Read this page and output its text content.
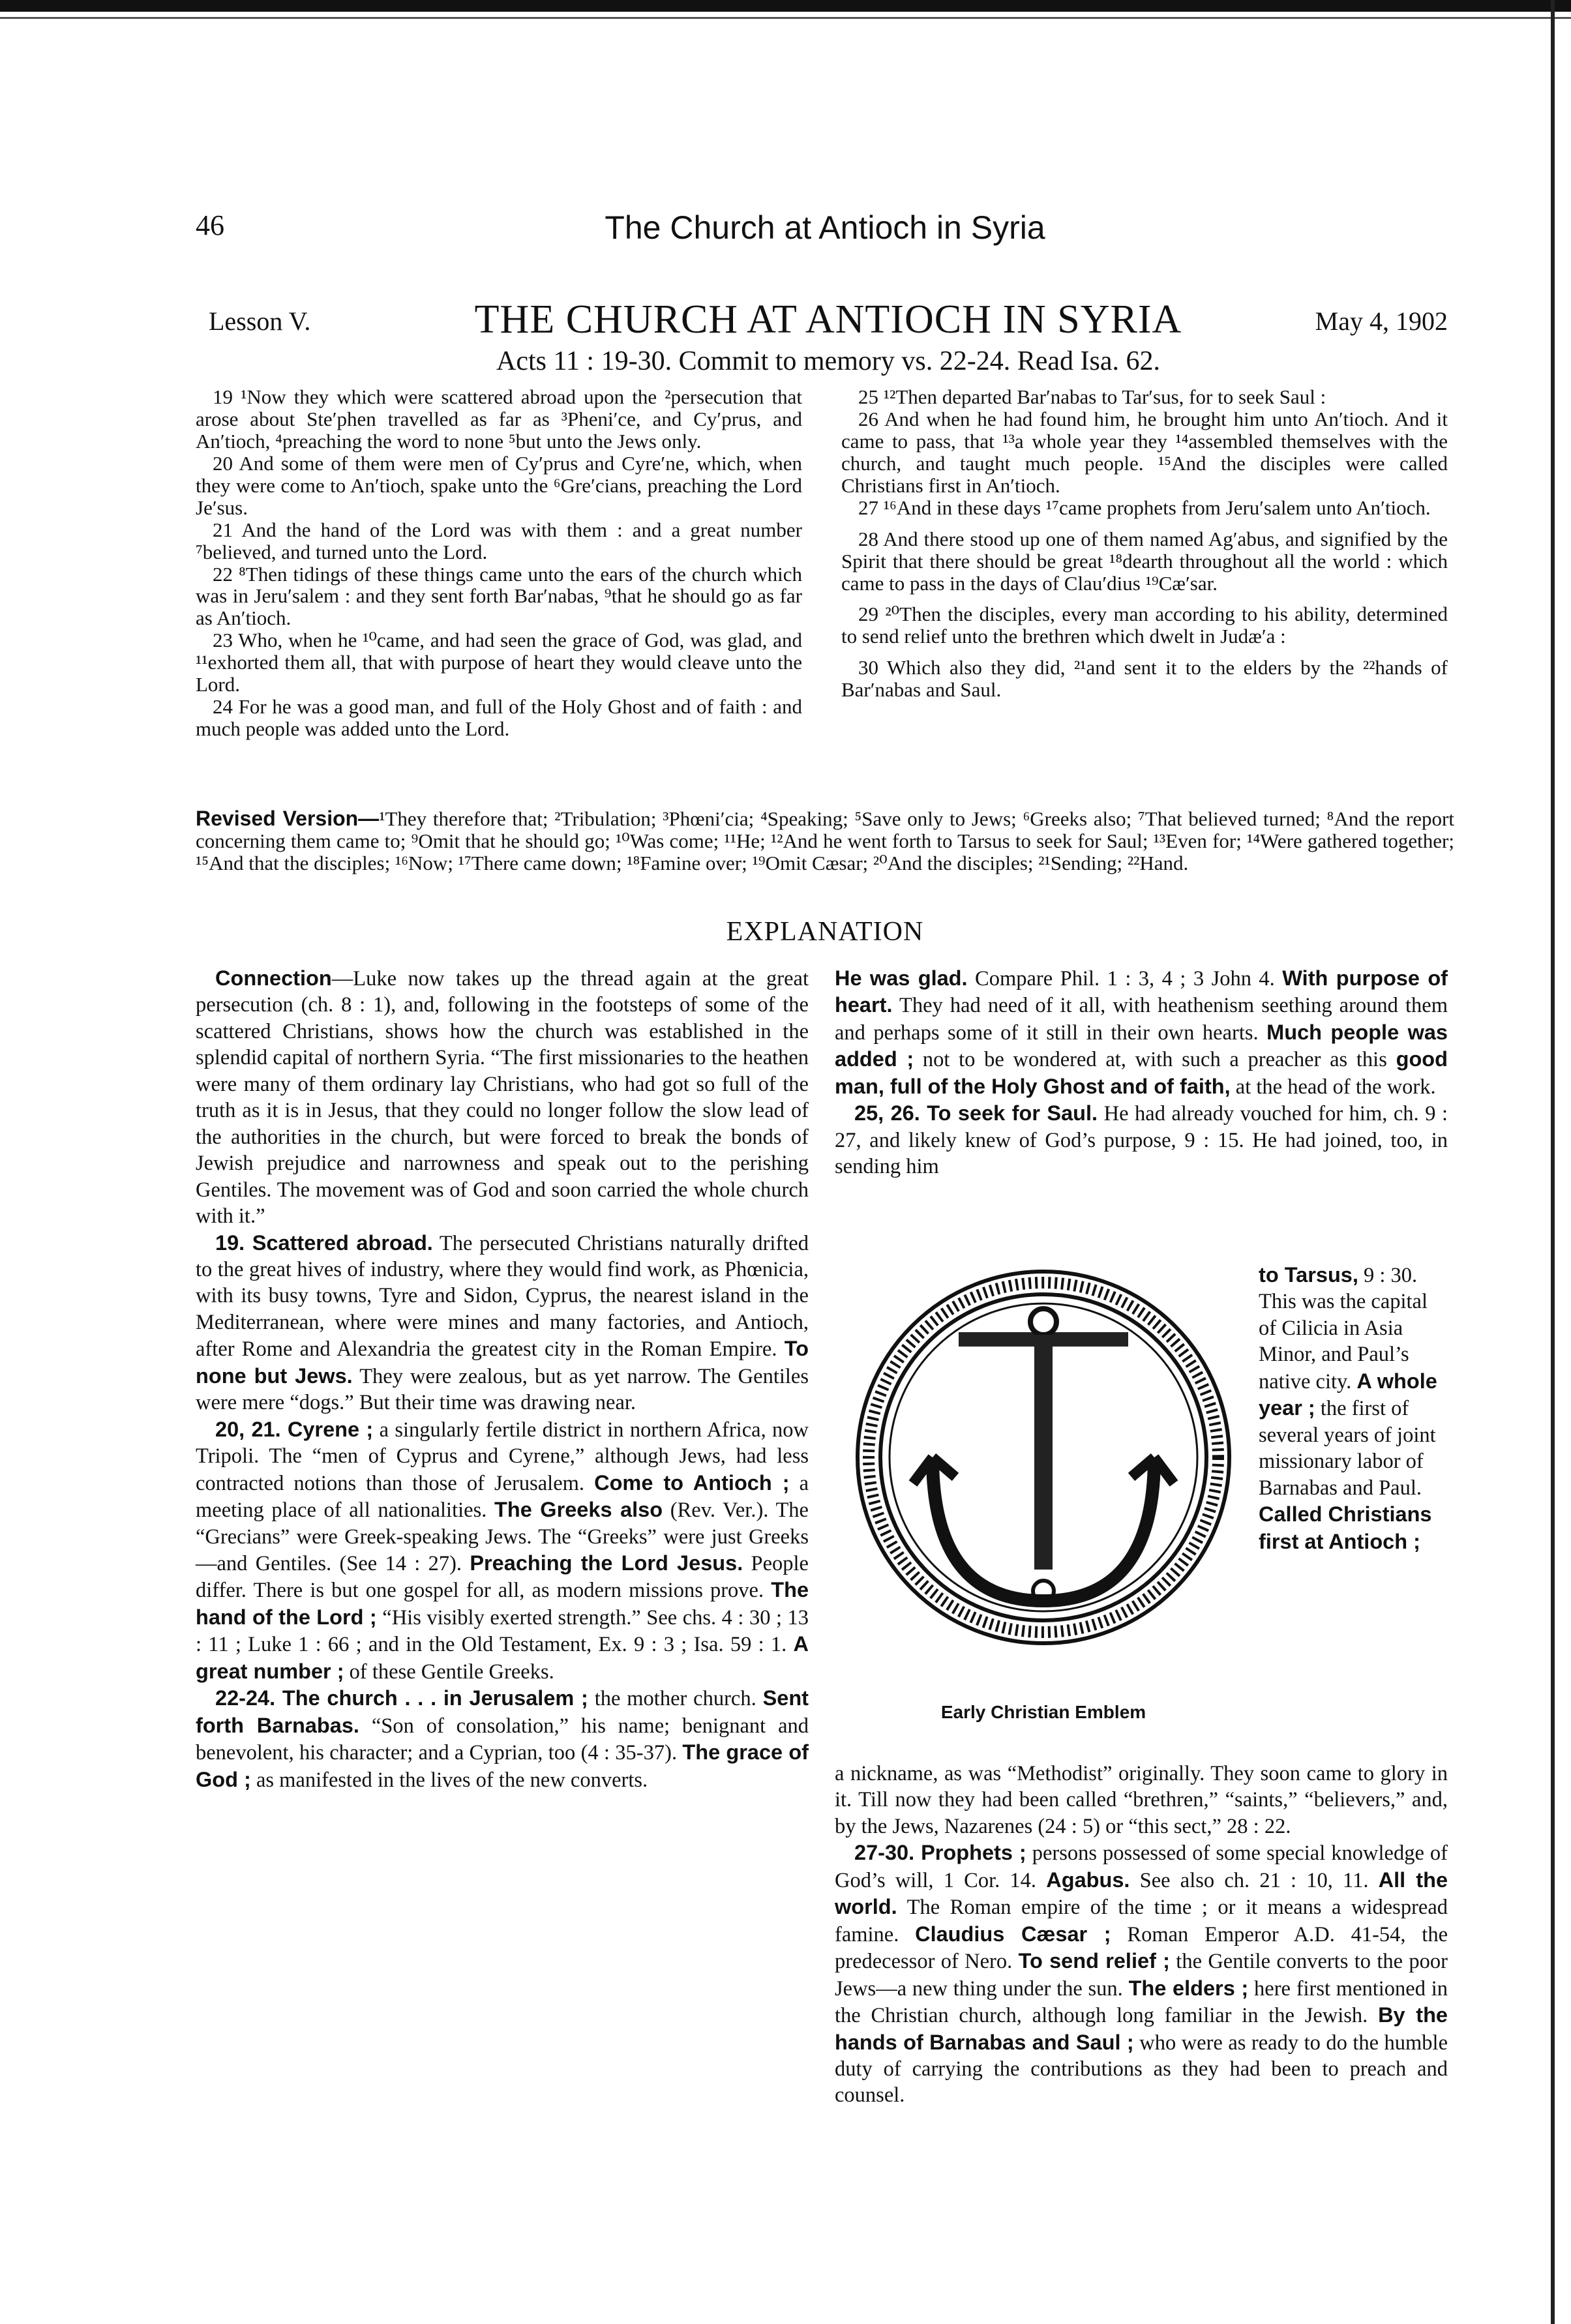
46	The Church at Antioch in Syria
Lesson V.	THE CHURCH AT ANTIOCH IN SYRIA	May 4, 1902
Acts 11 : 19-30. Commit to memory vs. 22-24. Read Isa. 62.

19 ¹Now they which were scattered abroad upon the ²persecution that arose about Ste′phen travelled as far as ³Pheni′ce, and Cy′prus, and An′tioch, ⁴preaching the word to none ⁵but unto the Jews only.

20 And some of them were men of Cy′prus and Cyre′ne, which, when they were come to An′tioch, spake unto the ⁶Gre′cians, preaching the Lord Je′sus.

21 And the hand of the Lord was with them : and a great number ⁷believed, and turned unto the Lord.

22 ⁸Then tidings of these things came unto the ears of the church which was in Jeru′salem : and they sent forth Bar′nabas, ⁹that he should go as far as An′tioch.

23 Who, when he ¹⁰came, and had seen the grace of God, was glad, and ¹¹exhorted them all, that with purpose of heart they would cleave unto the Lord.

24 For he was a good man, and full of the Holy Ghost and of faith : and much people was added unto the Lord.

25 ¹²Then departed Bar′nabas to Tar′sus, for to seek Saul :

26 And when he had found him, he brought him unto An′tioch. And it came to pass, that ¹³a whole year they ¹⁴assembled themselves with the church, and taught much people. ¹⁵And the disciples were called Christians first in An′tioch.

27 ¹⁶And in these days ¹⁷came prophets from Jeru′salem unto An′tioch.

28 And there stood up one of them named Ag′abus, and signified by the Spirit that there should be great ¹⁸dearth throughout all the world : which came to pass in the days of Clau′dius ¹⁹Cæ′sar.

29 ²⁰Then the disciples, every man according to his ability, determined to send relief unto the brethren which dwelt in Judæ′a :

30 Which also they did, ²¹and sent it to the elders by the ²²hands of Bar′nabas and Saul.

Revised Version—¹They therefore that; ²Tribulation; ³Phœni′cia; ⁴Speaking; ⁵Save only to Jews; ⁶Greeks also; ⁷That believed turned; ⁸And the report concerning them came to; ⁹Omit that he should go; ¹⁰Was come; ¹¹He; ¹²And he went forth to Tarsus to seek for Saul; ¹³Even for; ¹⁴Were gathered together; ¹⁵And that the disciples; ¹⁶Now; ¹⁷There came down; ¹⁸Famine over; ¹⁹Omit Cæsar; ²⁰And the disciples; ²¹Sending; ²²Hand.
EXPLANATION

Connection—Luke now takes up the thread again at the great persecution (ch. 8 : 1), and, following in the footsteps of some of the scattered Christians, shows how the church was established in the splendid capital of northern Syria. “The first missionaries to the heathen were many of them ordinary lay Christians, who had got so full of the truth as it is in Jesus, that they could no longer follow the slow lead of the authorities in the church, but were forced to break the bonds of Jewish prejudice and narrowness and speak out to the perishing Gentiles. The movement was of God and soon carried the whole church with it.”

19. Scattered abroad. The persecuted Christians naturally drifted to the great hives of industry, where they would find work, as Phœnicia, with its busy towns, Tyre and Sidon, Cyprus, the nearest island in the Mediterranean, where were mines and many factories, and Antioch, after Rome and Alexandria the greatest city in the Roman Empire. To none but Jews. They were zealous, but as yet narrow. The Gentiles were mere “dogs.” But their time was drawing near.

20, 21. Cyrene ; a singularly fertile district in northern Africa, now Tripoli. The “men of Cyprus and Cyrene,” although Jews, had less contracted notions than those of Jerusalem. Come to Antioch ; a meeting place of all nationalities. The Greeks also (Rev. Ver.). The “Grecians” were Greek-speaking Jews. The “Greeks” were just Greeks—and Gentiles. (See 14 : 27). Preaching the Lord Jesus. People differ. There is but one gospel for all, as modern missions prove. The hand of the Lord ; “His visibly exerted strength.” See chs. 4 : 30 ; 13 : 11 ; Luke 1 : 66 ; and in the Old Testament, Ex. 9 : 3 ; Isa. 59 : 1. A great number ; of these Gentile Greeks.

22-24. The church . . . in Jerusalem ; the mother church. Sent forth Barnabas. “Son of consolation,” his name; benignant and benevolent, his character; and a Cyprian, too (4 : 35-37). The grace of God ; as manifested in the lives of the new converts.

He was glad. Compare Phil. 1 : 3, 4 ; 3 John 4. With purpose of heart. They had need of it all, with heathenism seething around them and perhaps some of it still in their own hearts. Much people was added ; not to be wondered at, with such a preacher as this good man, full of the Holy Ghost and of faith, at the head of the work.

25, 26. To seek for Saul. He had already vouched for him, ch. 9 : 27, and likely knew of God’s purpose, 9 : 15. He had joined, too, in sending him

Early Christian Emblem

to Tarsus, 9 : 30. This was the capital of Cilicia in Asia Minor, and Paul’s native city. A whole year ; the first of several years of joint missionary labor of Barnabas and Paul. Called Christians first at Antioch ;

a nickname, as was “Methodist” originally. They soon came to glory in it. Till now they had been called “brethren,” “saints,” “believers,” and, by the Jews, Nazarenes (24 : 5) or “this sect,” 28 : 22.

27-30. Prophets ; persons possessed of some special knowledge of God’s will, 1 Cor. 14. Agabus. See also ch. 21 : 10, 11. All the world. The Roman empire of the time ; or it means a widespread famine. Claudius Cæsar ; Roman Emperor A.D. 41-54, the predecessor of Nero. To send relief ; the Gentile converts to the poor Jews—a new thing under the sun. The elders ; here first mentioned in the Christian church, although long familiar in the Jewish. By the hands of Barnabas and Saul ; who were as ready to do the humble duty of carrying the contributions as they had been to preach and counsel.
